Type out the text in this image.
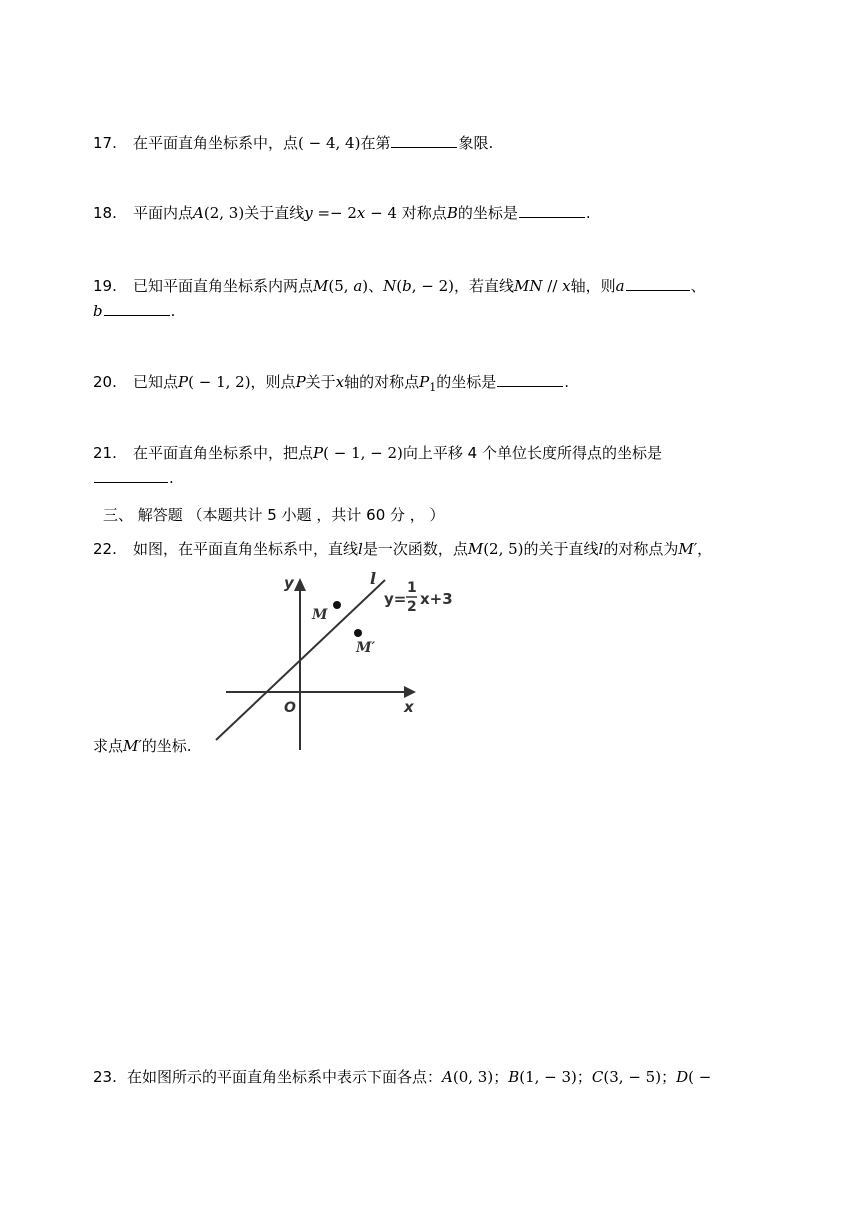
17. 在平面直角坐标系中，点( − 4, 4)在第	象限.
18. 平面内点A(2, 3)关于直线y =− 2x − 4 对称点B的坐标是	.
19. 已知平面直角坐标系内两点M(5, a)、N(b, − 2)，若直线MN // x轴，则a	、
b	.
20. 已知点P( − 1, 2)，则点P关于x轴的对称点$P_1$的坐标是	.
21. 在平面直角坐标系中，把点P( − 1, − 2)向上平移 4 个单位长度所得点的坐标是
.
三、 解答题 （本题共计 5 小题 ，共计 60 分 ， ）
22. 如图，在平面直角坐标系中，直线l是一次函数，点M(2, 5)的关于直线l的对称点为M′，
y
x
O
l
M
M′
y=
1
2 x+3
求点M′的坐标.
23. 在如图所示的平面直角坐标系中表示下面各点：A(0, 3)；B(1, − 3)；C(3, − 5)；D( −
